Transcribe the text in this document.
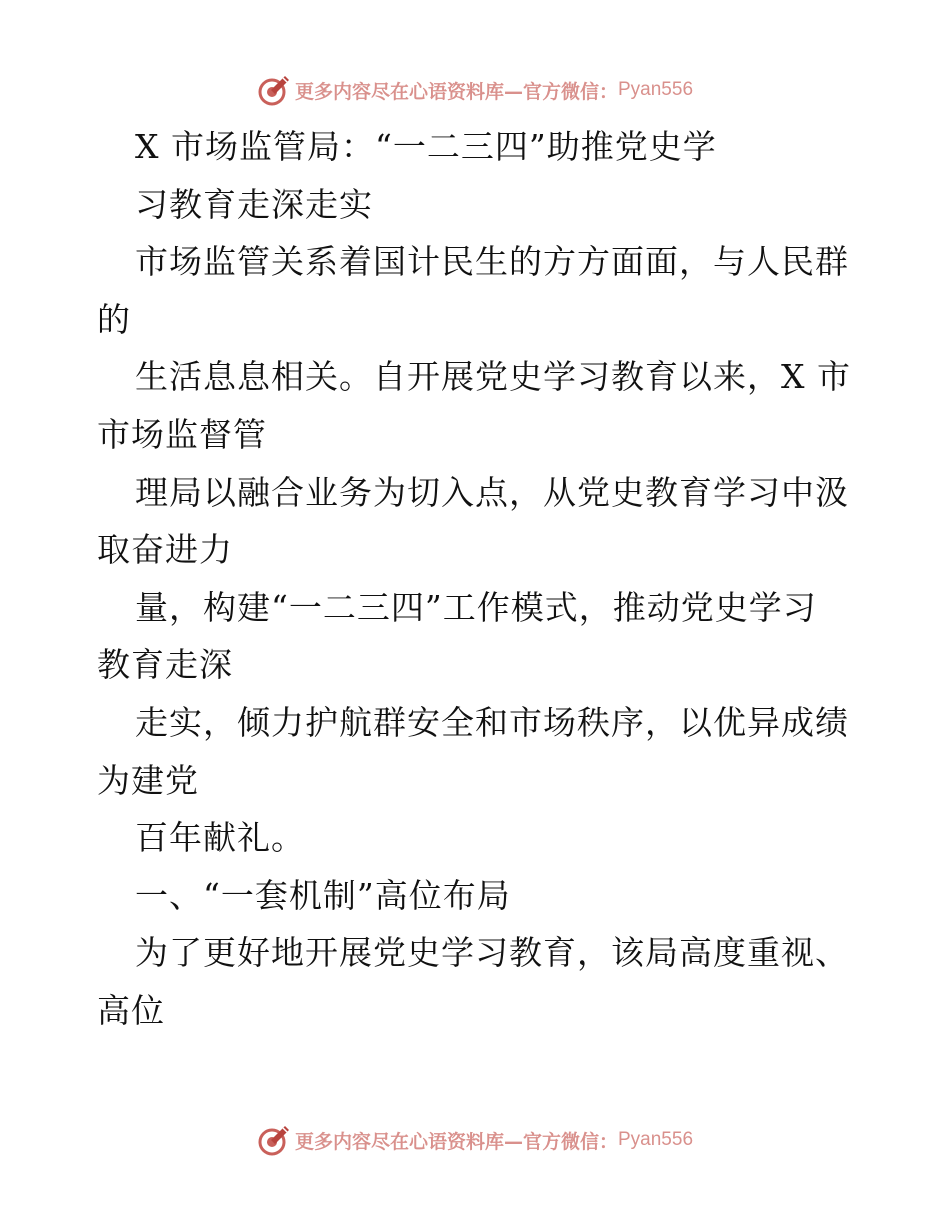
更多内容尽在心语资料库—官方微信： Pyan556
X 市场监管局：“一二三四”助推党史学
习教育走深走实
市场监管关系着国计民生的方方面面，与人民群
的
生活息息相关。自开展党史学习教育以来，X 市
市场监督管
理局以融合业务为切入点，从党史教育学习中汲
取奋进力
量，构建“一二三四”工作模式，推动党史学习
教育走深
走实，倾力护航群安全和市场秩序，以优异成绩
为建党
百年献礼。
一、“一套机制”高位布局
为了更好地开展党史学习教育，该局高度重视、
高位
更多内容尽在心语资料库—官方微信： Pyan556
